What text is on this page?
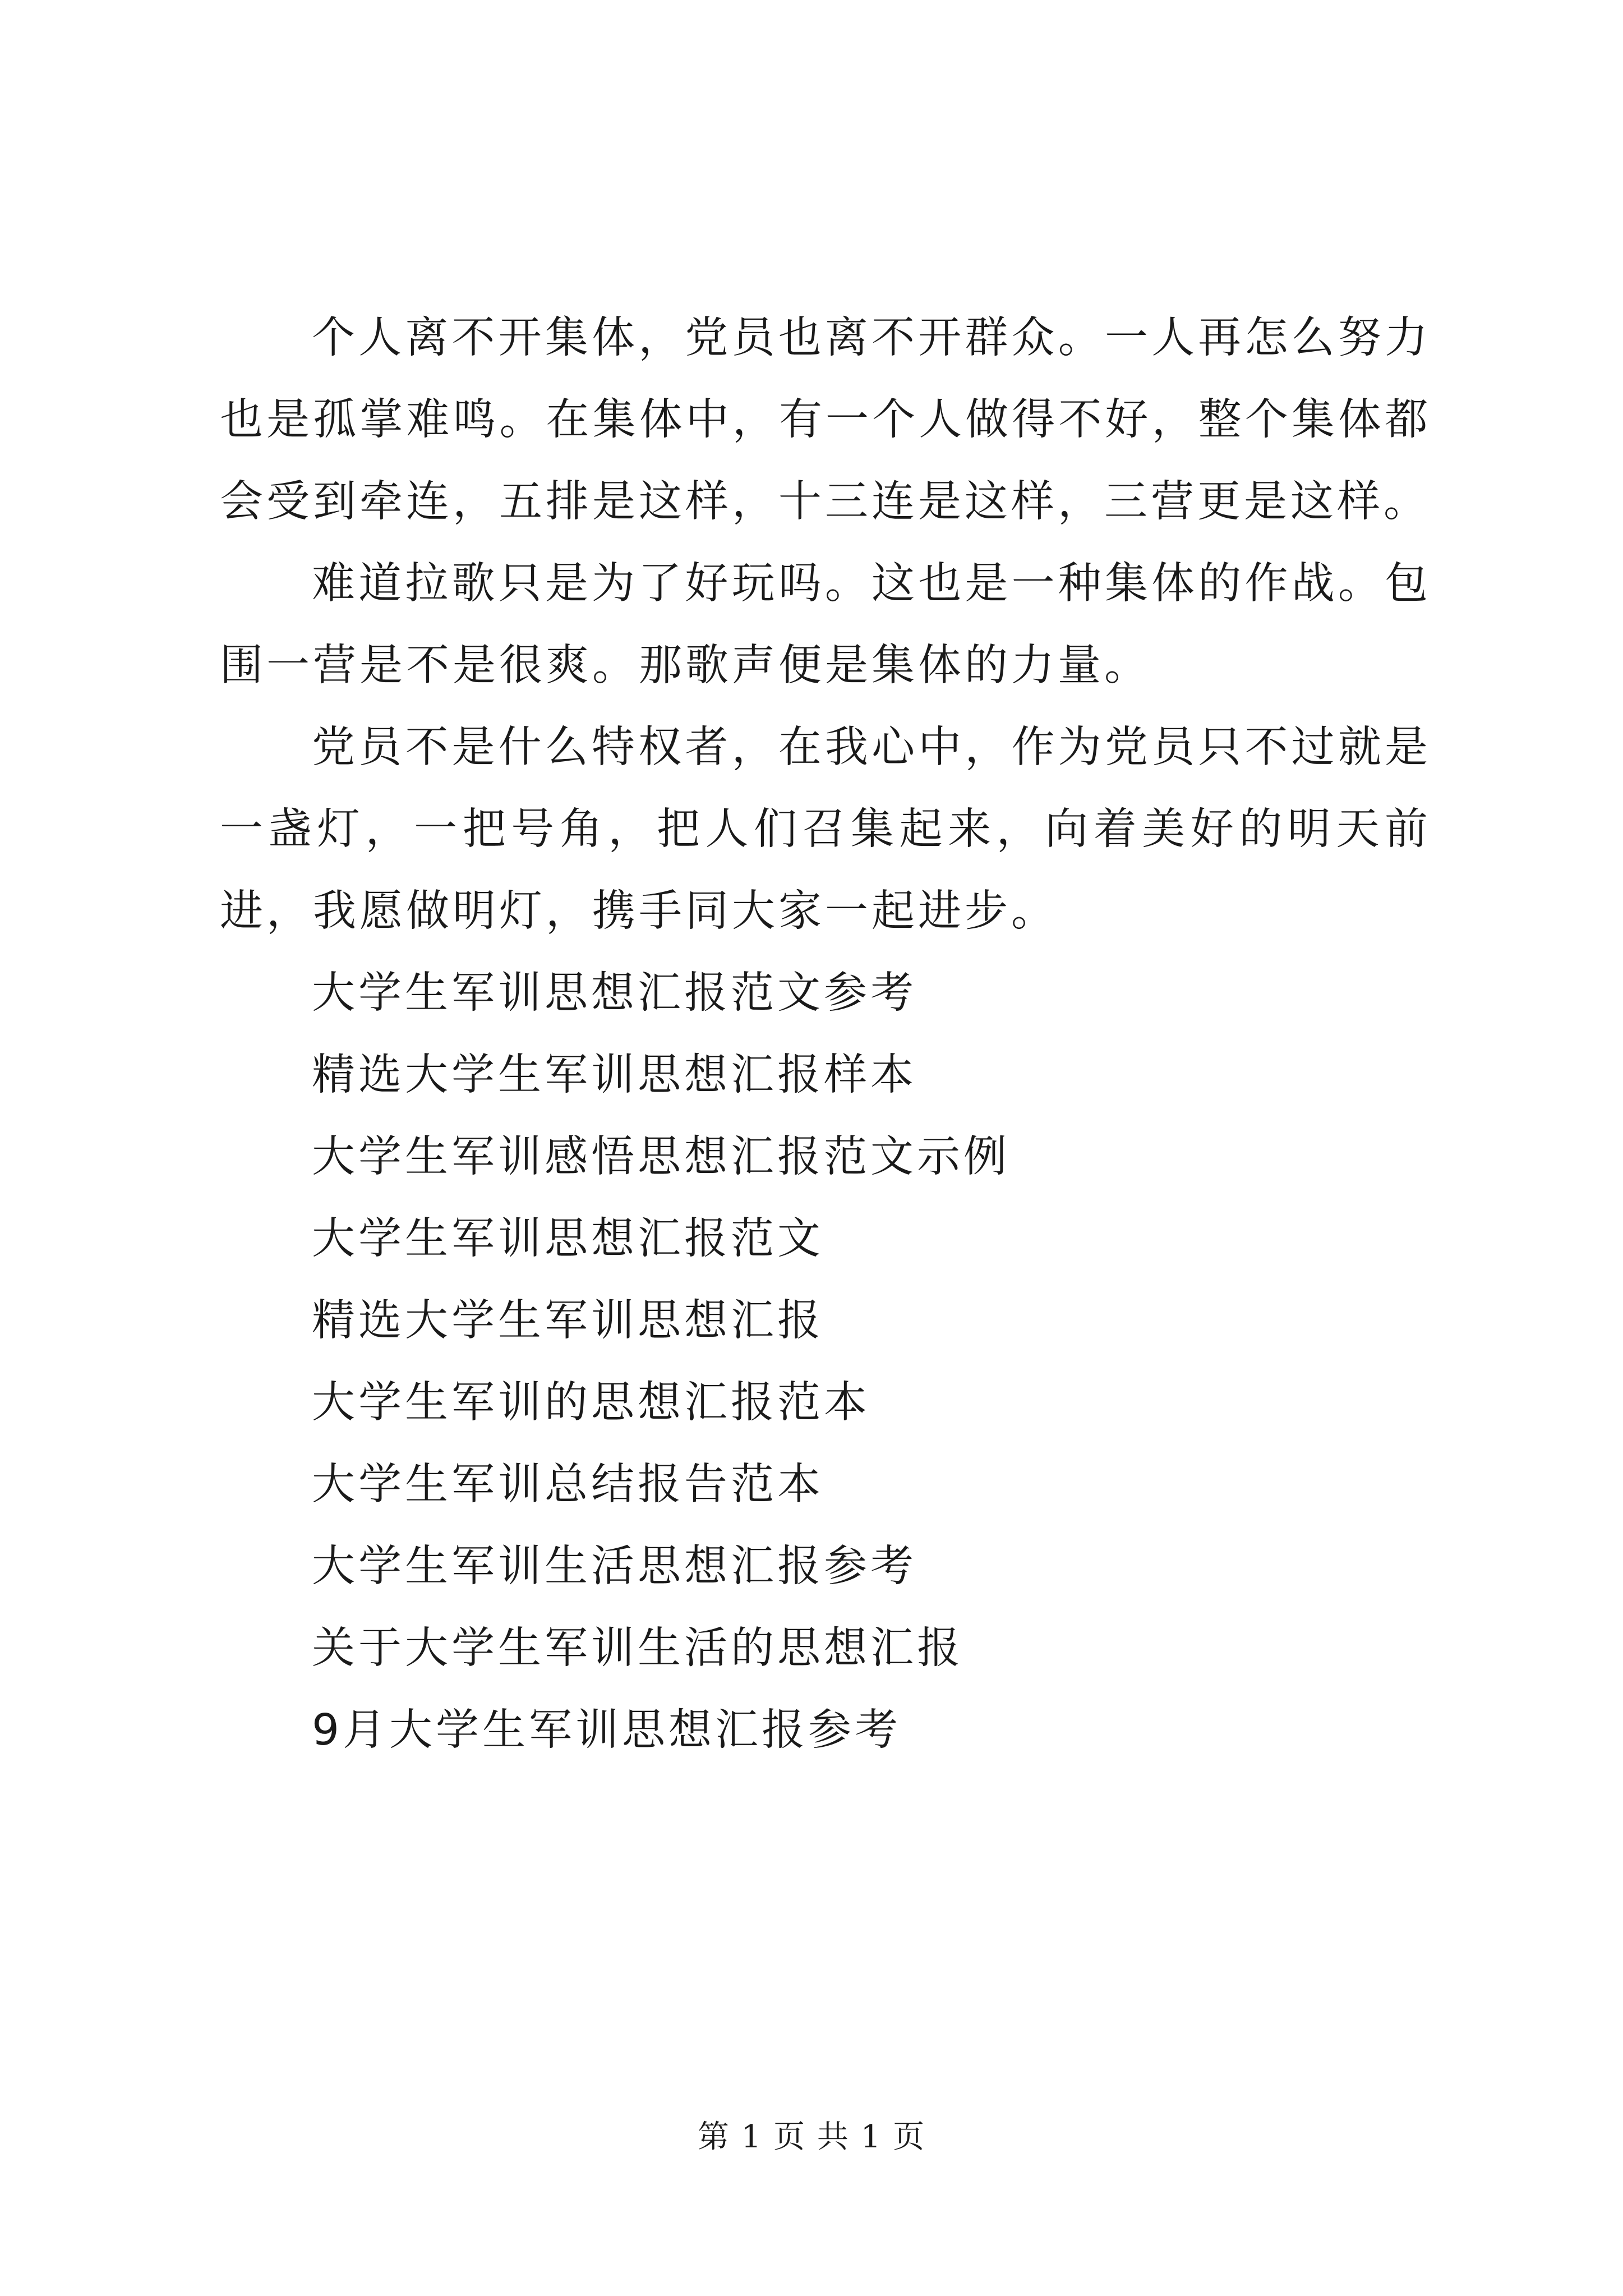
个人离不开集体，党员也离不开群众。一人再怎么努力也是孤掌难鸣。在集体中，有一个人做得不好，整个集体都会受到牵连，五排是这样，十三连是这样，三营更是这样。

难道拉歌只是为了好玩吗。这也是一种集体的作战。包围一营是不是很爽。那歌声便是集体的力量。

党员不是什么特权者，在我心中，作为党员只不过就是一盏灯，一把号角，把人们召集起来，向着美好的明天前进，我愿做明灯，携手同大家一起进步。

大学生军训思想汇报范文参考
精选大学生军训思想汇报样本
大学生军训感悟思想汇报范文示例
大学生军训思想汇报范文
精选大学生军训思想汇报
大学生军训的思想汇报范本
大学生军训总结报告范本
大学生军训生活思想汇报参考
关于大学生军训生活的思想汇报
9月大学生军训思想汇报参考
第 1 页 共 1 页
